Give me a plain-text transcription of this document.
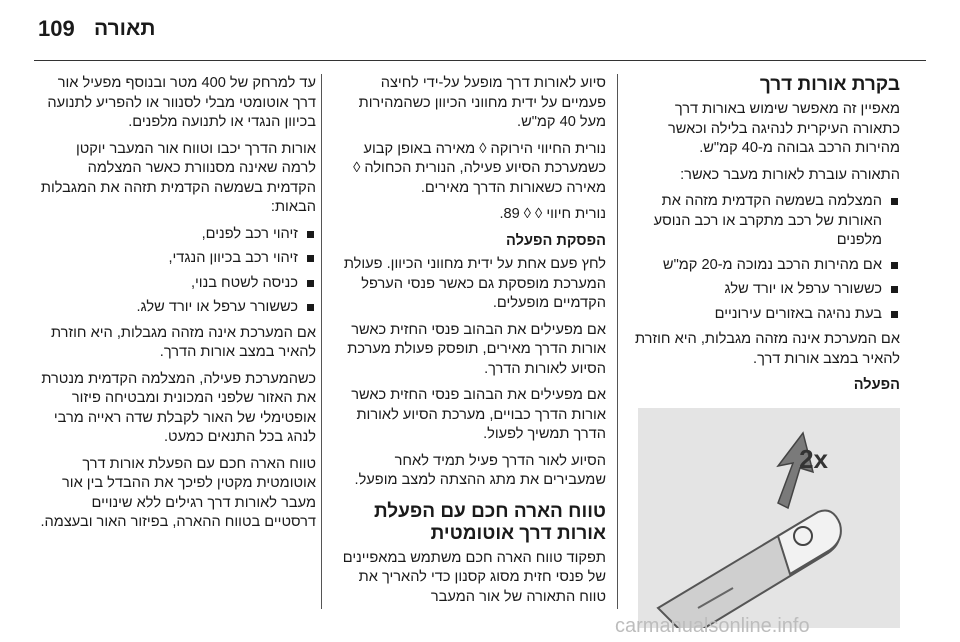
109 תאורה
בקרת אורות דרך

מאפיין זה מאפשר שימוש באורות דרך כתאורה העיקרית לנהיגה בלילה וכאשר מהירות הרכב גבוהה מ-40 קמ"ש.

התאורה עוברת לאורות מעבר כאשר:

המצלמה בשמשה הקדמית מזהה את האורות של רכב מתקרב או רכב הנוסע מלפנים
אם מהירות הרכב נמוכה מ-20 קמ"ש
כששורר ערפל או יורד שלג
בעת נהיגה באזורים עירוניים

אם המערכת אינה מזהה מגבלות, היא חוזרת להאיר במצב אורות דרך.

הפעלה
2x

סיוע לאורות דרך מופעל על-ידי לחיצה פעמיים על ידית מחווני הכיוון כשהמהירות מעל 40 קמ"ש.

נורית החיווי הירוקה ◊ מאירה באופן קבוע כשמערכת הסיוע פעילה, הנורית הכחולה ◊ מאירה כשאורות הדרך מאירים.

נורית חיווי ◊ ◊ 89.

הפסקת הפעלה

לחץ פעם אחת על ידית מחווני הכיוון. פעולת המערכת מופסקת גם כאשר פנסי הערפל הקדמיים מופעלים.

אם מפעילים את הבהוב פנסי החזית כאשר אורות הדרך מאירים, תופסק פעולת מערכת הסיוע לאורות הדרך.

אם מפעילים את הבהוב פנסי החזית כאשר אורות הדרך כבויים, מערכת הסיוע לאורות הדרך תמשיך לפעול.

הסיוע לאור הדרך פעיל תמיד לאחר שמעבירים את מתג ההצתה למצב מופעל.

טווח הארה חכם עם הפעלת אורות דרך אוטומטית

תפקוד טווח הארה חכם משתמש במאפיינים של פנסי חזית מסוג קסנון כדי להאריך את טווח התאורה של אור המעבר

עד למרחק של 400 מטר ובנוסף מפעיל אור דרך אוטומטי מבלי לסנוור או להפריע לתנועה בכיוון הנגדי או לתנועה מלפנים.

אורות הדרך יכבו וטווח אור המעבר יוקטן לרמה שאינה מסנוורת כאשר המצלמה הקדמית בשמשה הקדמית תזהה את המגבלות הבאות:

זיהוי רכב לפנים,
זיהוי רכב בכיוון הנגדי,
כניסה לשטח בנוי,
כששורר ערפל או יורד שלג.

אם המערכת אינה מזהה מגבלות, היא חוזרת להאיר במצב אורות הדרך.

כשהמערכת פעילה, המצלמה הקדמית מנטרת את האזור שלפני המכונית ומבטיחה פיזור אופטימלי של האור לקבלת שדה ראייה מרבי לנהג בכל התנאים כמעט.

טווח הארה חכם עם הפעלת אורות דרך אוטומטית מקטין לפיכך את ההבדל בין אור מעבר לאורות דרך רגילים ללא שינויים דרסטיים בטווח ההארה, בפיזור האור ובעצמה.

carmanualsonline.info
